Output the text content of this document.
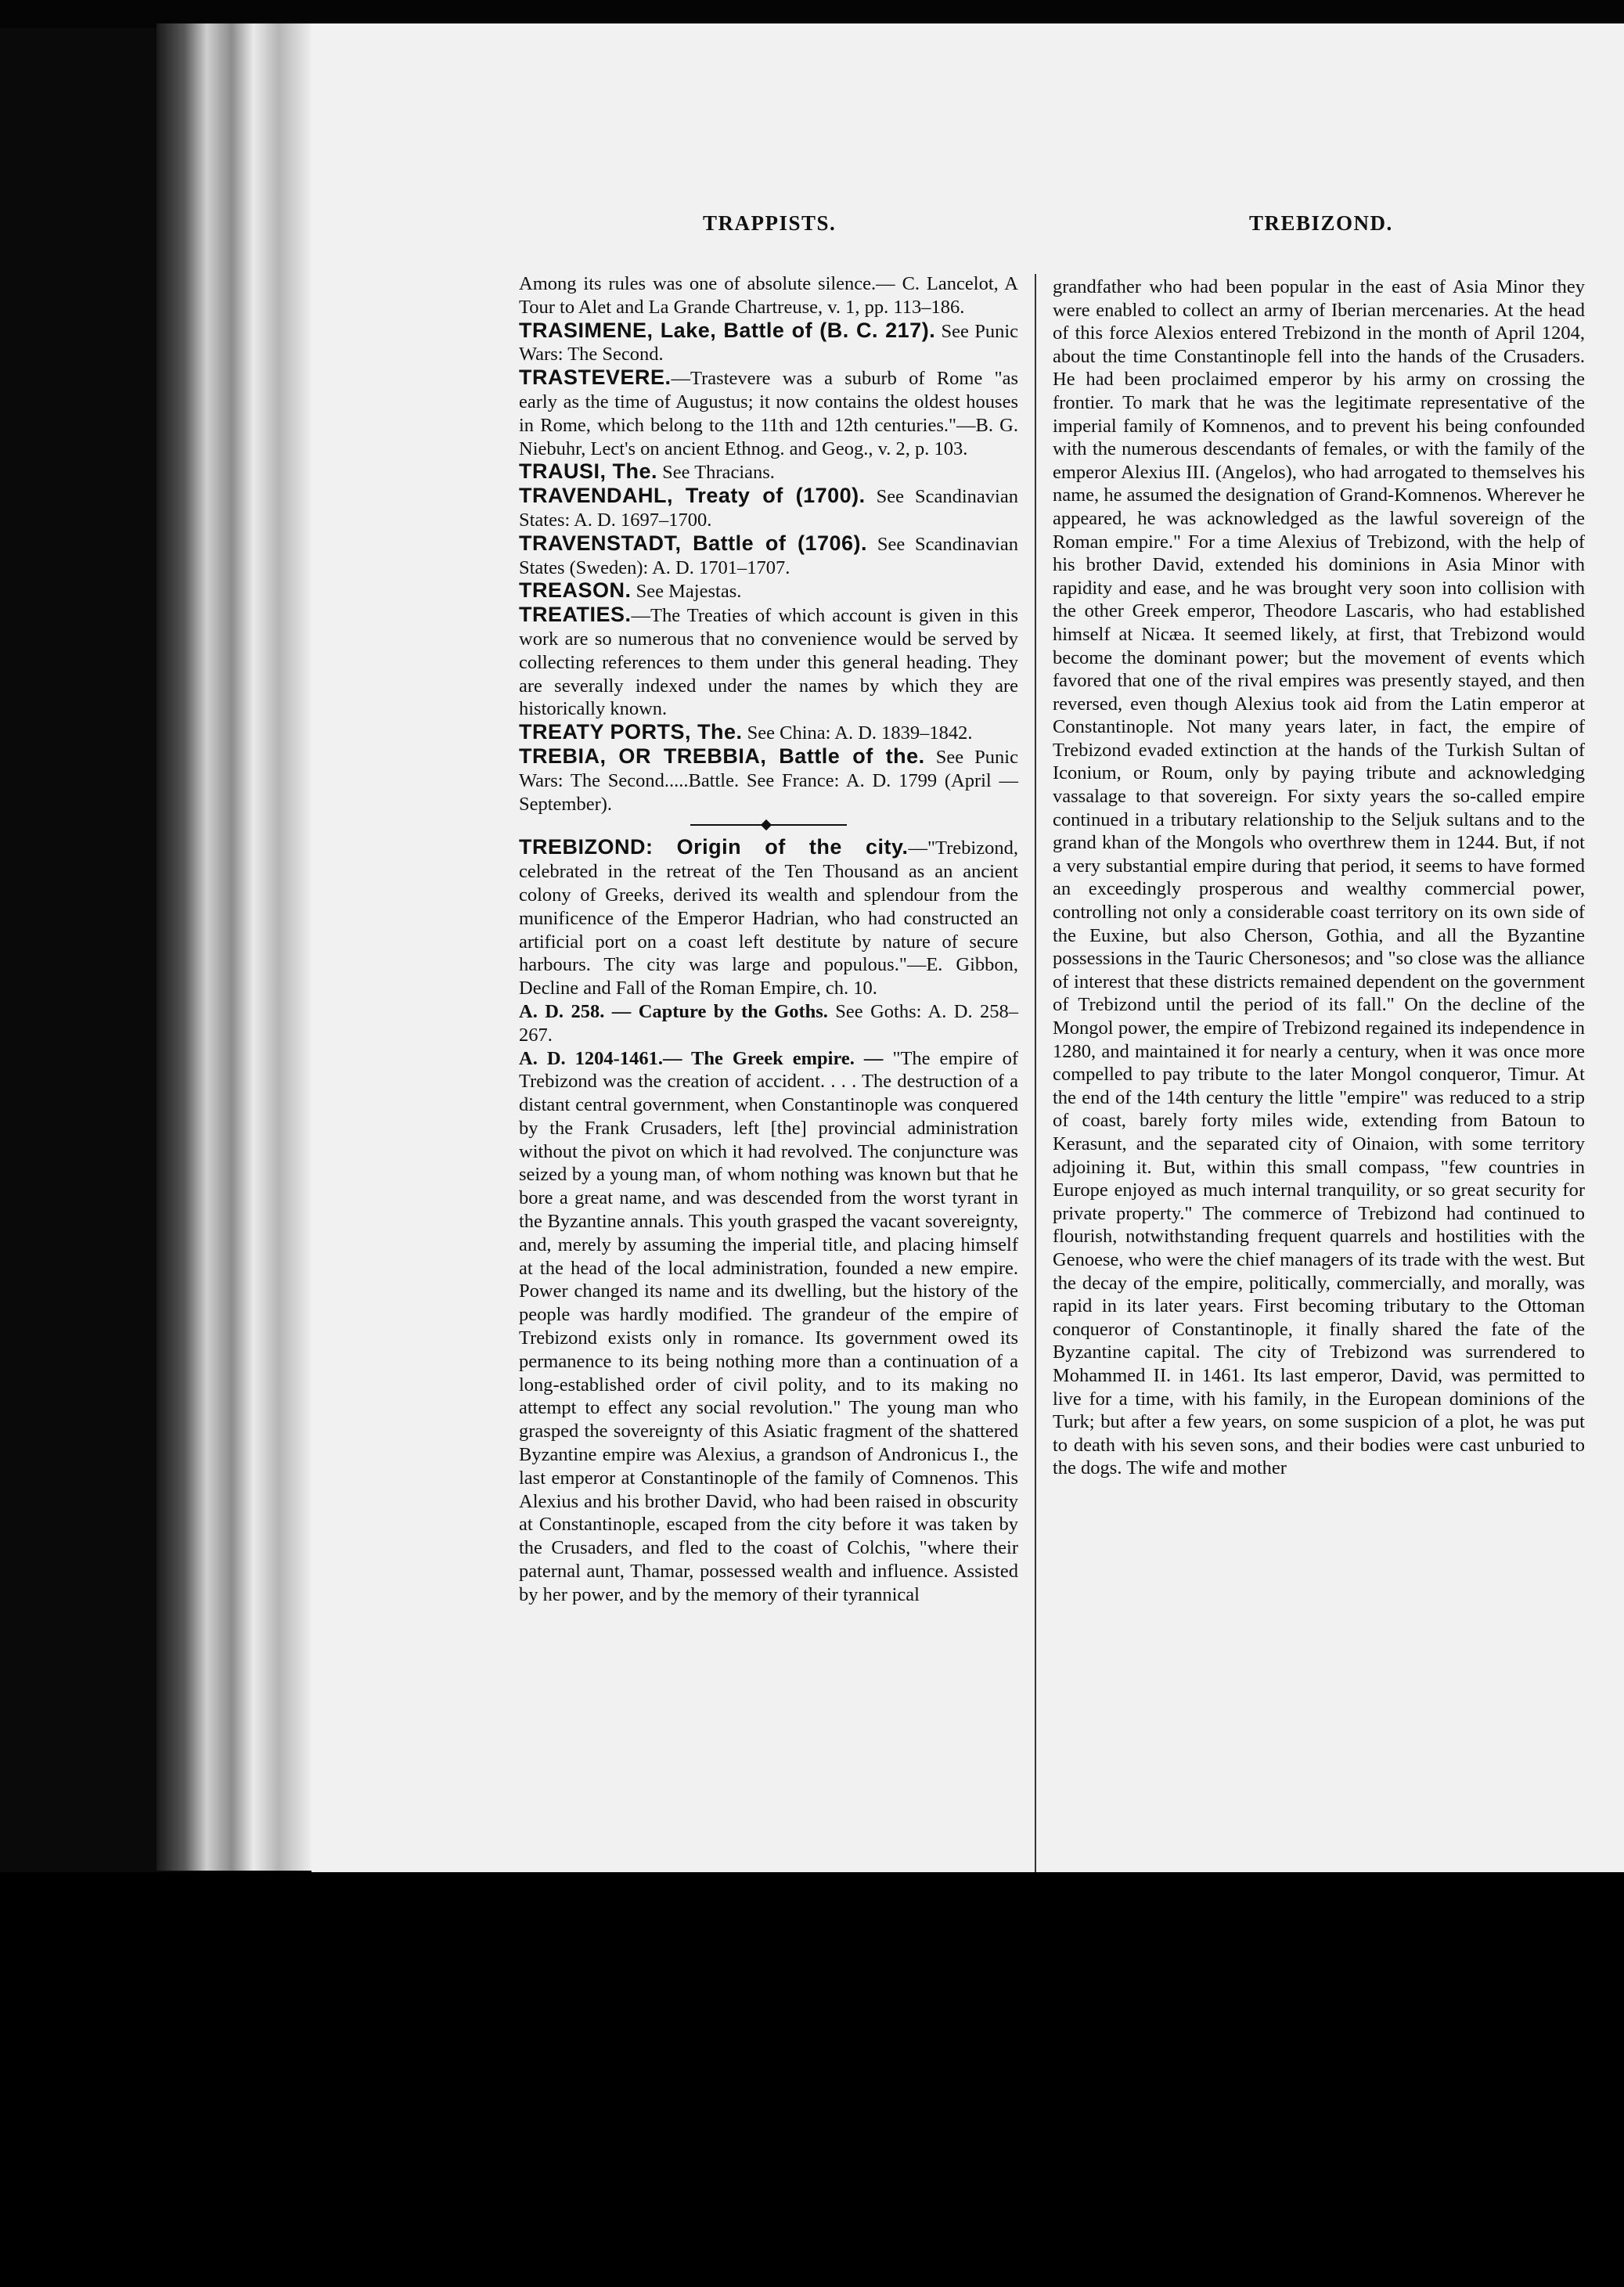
TRAPPISTS.	TREBIZOND.

Among its rules was one of absolute silence.— C. Lancelot, A Tour to Alet and La Grande Chartreuse, v. 1, pp. 113–186.

TRASIMENE, Lake, Battle of (B. C. 217). See Punic Wars: The Second.

TRASTEVERE.—Trastevere was a suburb of Rome "as early as the time of Augustus; it now contains the oldest houses in Rome, which belong to the 11th and 12th centuries."—B. G. Niebuhr, Lect's on ancient Ethnog. and Geog., v. 2, p. 103.

TRAUSI, The. See Thracians.

TRAVENDAHL, Treaty of (1700). See Scandinavian States: A. D. 1697–1700.

TRAVENSTADT, Battle of (1706). See Scandinavian States (Sweden): A. D. 1701–1707.

TREASON. See Majestas.

TREATIES.—The Treaties of which account is given in this work are so numerous that no convenience would be served by collecting references to them under this general heading. They are severally indexed under the names by which they are historically known.

TREATY PORTS, The. See China: A. D. 1839–1842.

TREBIA, OR TREBBIA, Battle of the. See Punic Wars: The Second.....Battle. See France: A. D. 1799 (April — September).

TREBIZOND: Origin of the city.—"Trebizond, celebrated in the retreat of the Ten Thousand as an ancient colony of Greeks, derived its wealth and splendour from the munificence of the Emperor Hadrian, who had constructed an artificial port on a coast left destitute by nature of secure harbours. The city was large and populous."—E. Gibbon, Decline and Fall of the Roman Empire, ch. 10.

A. D. 258. — Capture by the Goths. See Goths: A. D. 258–267.

A. D. 1204-1461.— The Greek empire. — "The empire of Trebizond was the creation of accident. . . . The destruction of a distant central government, when Constantinople was conquered by the Frank Crusaders, left [the] provincial administration without the pivot on which it had revolved. The conjuncture was seized by a young man, of whom nothing was known but that he bore a great name, and was descended from the worst tyrant in the Byzantine annals. This youth grasped the vacant sovereignty, and, merely by assuming the imperial title, and placing himself at the head of the local administration, founded a new empire. Power changed its name and its dwelling, but the history of the people was hardly modified. The grandeur of the empire of Trebizond exists only in romance. Its government owed its permanence to its being nothing more than a continuation of a long-established order of civil polity, and to its making no attempt to effect any social revolution." The young man who grasped the sovereignty of this Asiatic fragment of the shattered Byzantine empire was Alexius, a grandson of Andronicus I., the last emperor at Constantinople of the family of Comnenos. This Alexius and his brother David, who had been raised in obscurity at Constantinople, escaped from the city before it was taken by the Crusaders, and fled to the coast of Colchis, "where their paternal aunt, Thamar, possessed wealth and influence. Assisted by her power, and by the memory of their tyrannical

grandfather who had been popular in the east of Asia Minor they were enabled to collect an army of Iberian mercenaries. At the head of this force Alexios entered Trebizond in the month of April 1204, about the time Constantinople fell into the hands of the Crusaders. He had been proclaimed emperor by his army on crossing the frontier. To mark that he was the legitimate representative of the imperial family of Komnenos, and to prevent his being confounded with the numerous descendants of females, or with the family of the emperor Alexius III. (Angelos), who had arrogated to themselves his name, he assumed the designation of Grand-Komnenos. Wherever he appeared, he was acknowledged as the lawful sovereign of the Roman empire." For a time Alexius of Trebizond, with the help of his brother David, extended his dominions in Asia Minor with rapidity and ease, and he was brought very soon into collision with the other Greek emperor, Theodore Lascaris, who had established himself at Nicæa. It seemed likely, at first, that Trebizond would become the dominant power; but the movement of events which favored that one of the rival empires was presently stayed, and then reversed, even though Alexius took aid from the Latin emperor at Constantinople. Not many years later, in fact, the empire of Trebizond evaded extinction at the hands of the Turkish Sultan of Iconium, or Roum, only by paying tribute and acknowledging vassalage to that sovereign. For sixty years the so-called empire continued in a tributary relationship to the Seljuk sultans and to the grand khan of the Mongols who overthrew them in 1244. But, if not a very substantial empire during that period, it seems to have formed an exceedingly prosperous and wealthy commercial power, controlling not only a considerable coast territory on its own side of the Euxine, but also Cherson, Gothia, and all the Byzantine possessions in the Tauric Chersonesos; and "so close was the alliance of interest that these districts remained dependent on the government of Trebizond until the period of its fall." On the decline of the Mongol power, the empire of Trebizond regained its independence in 1280, and maintained it for nearly a century, when it was once more compelled to pay tribute to the later Mongol conqueror, Timur. At the end of the 14th century the little "empire" was reduced to a strip of coast, barely forty miles wide, extending from Batoun to Kerasunt, and the separated city of Oinaion, with some territory adjoining it. But, within this small compass, "few countries in Europe enjoyed as much internal tranquility, or so great security for private property." The commerce of Trebizond had continued to flourish, notwithstanding frequent quarrels and hostilities with the Genoese, who were the chief managers of its trade with the west. But the decay of the empire, politically, commercially, and morally, was rapid in its later years. First becoming tributary to the Ottoman conqueror of Constantinople, it finally shared the fate of the Byzantine capital. The city of Trebizond was surrendered to Mohammed II. in 1461. Its last emperor, David, was permitted to live for a time, with his family, in the European dominions of the Turk; but after a few years, on some suspicion of a plot, he was put to death with his seven sons, and their bodies were cast unburied to the dogs. The wife and mother
